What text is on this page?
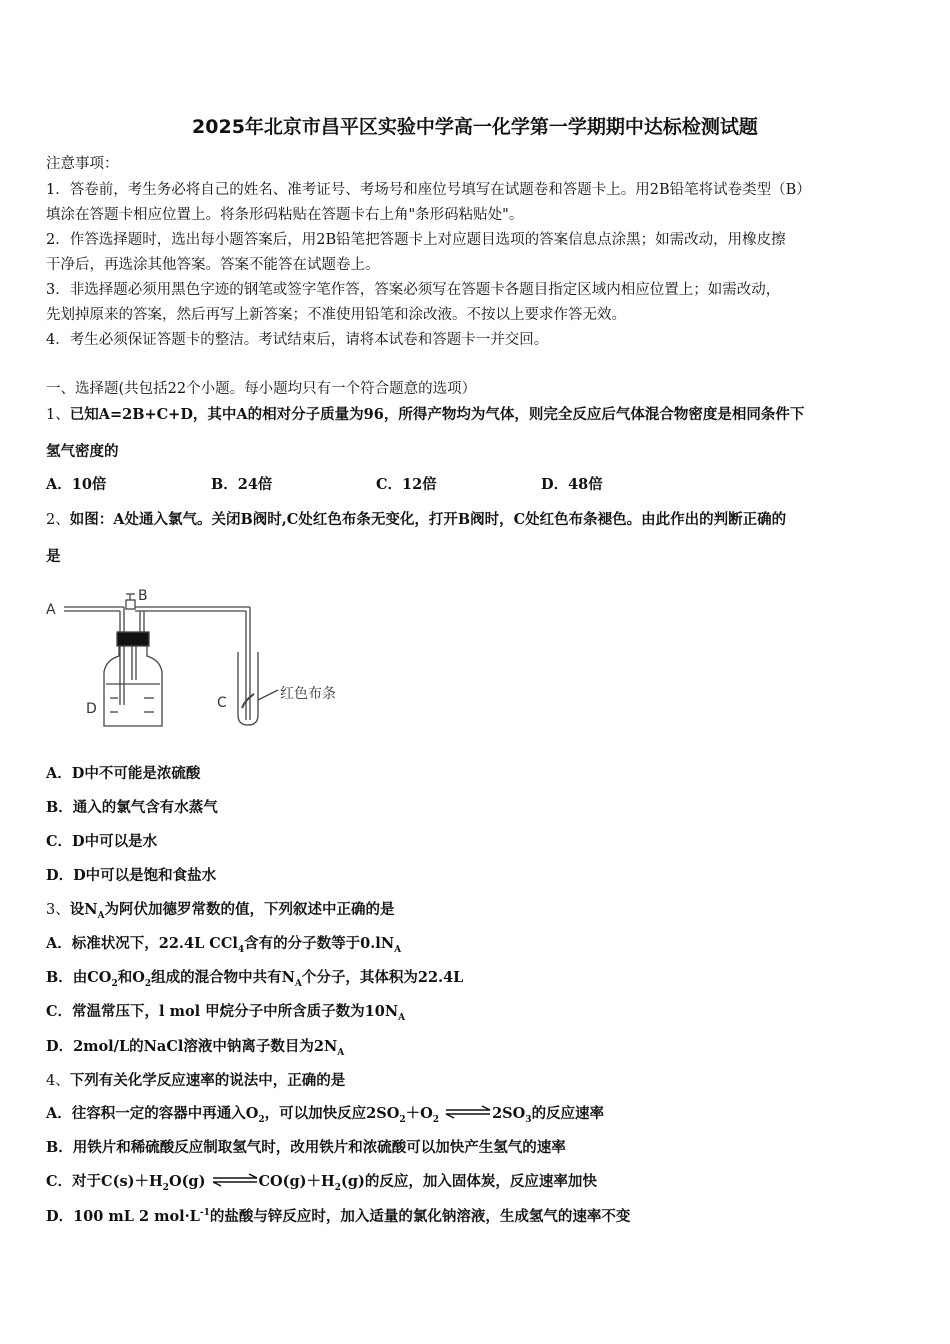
2025年北京市昌平区实验中学高一化学第一学期期中达标检测试题
注意事项：
1．答卷前，考生务必将自己的姓名、准考证号、考场号和座位号填写在试题卷和答题卡上。用2B铅笔将试卷类型（B）
填涂在答题卡相应位置上。将条形码粘贴在答题卡右上角"条形码粘贴处"。
2．作答选择题时，选出每小题答案后，用2B铅笔把答题卡上对应题目选项的答案信息点涂黑；如需改动，用橡皮擦
干净后，再选涂其他答案。答案不能答在试题卷上。
3．非选择题必须用黑色字迹的钢笔或签字笔作答，答案必须写在答题卡各题目指定区域内相应位置上；如需改动，
先划掉原来的答案，然后再写上新答案；不准使用铅笔和涂改液。不按以上要求作答无效。
4．考生必须保证答题卡的整洁。考试结束后，请将本试卷和答题卡一并交回。
一、选择题(共包括22个小题。每小题均只有一个符合题意的选项）
1、已知A=2B+C+D，其中A的相对分子质量为96，所得产物均为气体，则完全反应后气体混合物密度是相同条件下
氢气密度的
A．10倍	B．24倍	C．12倍	D．48倍
2、如图：A处通入氯气。关闭B阀时,C处红色布条无变化，打开B阀时，C处红色布条褪色。由此作出的判断正确的
是
A
B
D	C
红色布条
A．D中不可能是浓硫酸
B．通入的氯气含有水蒸气
C．D中可以是水
D．D中可以是饱和食盐水
3、设$N_A$为阿伏加德罗常数的值，下列叙述中正确的是
A．标准状况下，22.4L CCl$_4$含有的分子数等于$0.lN_A$
B．由$CO_2$和$O_2$组成的混合物中共有$N_A$个分子，其体积为22.4L
C．常温常压下，l mol 甲烷分子中所含质子数为$10N_A$
D．2mol/L的NaCl溶液中钠离子数目为$2N_A$
4、下列有关化学反应速率的说法中，正确的是
A．往容积一定的容器中再通入$O_2$，可以加快反应$2SO_2+O_2$ $\rightleftharpoons 2SO_3$的反应速率
B．用铁片和稀硫酸反应制取氢气时，改用铁片和浓硫酸可以加快产生氢气的速率
C．对于$C(s)+H_2O(g)$ $\rightleftharpoons CO(g)+H_2(g)$的反应，加入固体炭，反应速率加快
D．100 mL 2 $mol\cdot L^{-1}$的盐酸与锌反应时，加入适量的氯化钠溶液，生成氢气的速率不变
